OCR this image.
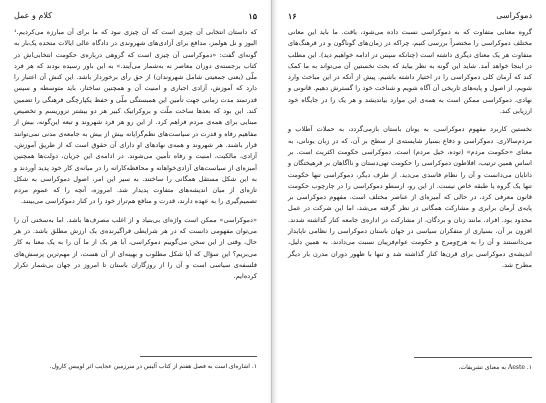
کلام و عمل	۱۵

که داستان انتخابی آن چیزی است که آن چیزی نبود که ما برای آن مبارزه می‌کردیم.¹ البوز و نل هولمز، مدافع برای آزادی‌های شهروندی در دادگاه عالی ایالات متحده یک‌بار به گونه‌ای گفت: «دموکراسی آن چیزی است که گروهی درباره‌ی حکومت انتخابی‌اش در کتاب برجسته‌ی دوران معاصر نه به‌شمار می‌آیند.» به این باور رسیده بودند که هر فرد ملّی (یعنی جمعیتی شامل شهروندان) از حق رأی برخوردار باشد. این کنش آن اعتبار را دارد که آموزش، آزادی اجباری و امنیت آن و همچنین ساختار، باید متوسطه و سپس قدرتمند مدت زمانی جهت تأمین این همبستگی ملّی و حفظ یکپارچگی فرهنگی را تضمین کند. این بود که بعدها ساخت ملّت و بروکراتیک کبیر هر دو بیشتر تروریسم و تخصیص مبنایی برای همه‌ی مردم فراهم کرد. از این رو هر فرد شهروند و تبعه این‌گونه، بیش از مفاهیم رفاه و قدرت در سیاست‌های نظم‌گرایانه بیش از بیش به جامعه‌ی مدنی نمی‌توانند قرار باشند. هر شهروند و همه‌ی نهادهای او دارای آن حقوق است که از طریق آموزش، آزادی، مالکیت، امنیت و رفاه تأمین می‌شوند. در ادامه‌ی این جریان، دولت‌ها همچنین آمیزه‌ای از سیاست‌های آزادی‌خواهانه و محافظه‌کارانه را در میانه‌ی کار خود پدید آوردند و به این شکل مستقل همگانی را ساختند. به سیر این امر، اصول دموکراسی به شکل تازه‌ای از میان اندیشه‌های متفاوت پدیدار شد. امروزه، آنچه را که عموم مردم تصمیم‌گیری را به عهده دارند، قدرت و منافع هم‌تراز خود را در کنار دموکراسی می‌بینند.

«دموکراسی» ممکن است واژه‌ای بی‌بنیاد و از اغلب مصرف‌ها باشد. اما به‌سختی آن را می‌توان مفهومی دانست که در هر شرایطی فراگیرنده‌ی یک ارزش مطلق باشد. در هر حال، وقتی از این سخن می‌گوییم دموکراسی، آیا هر یک از ما آن را به یک معنا به کار می‌بریم؟ این سؤال که آیا شکل مطلوب و بهینه‌ای از آن هست، از مهم‌ترین پرسش‌های فلسفه‌ی سیاسی است و آن را از روزگاران باستان تا امروز در جهان بی‌شمار تکرار کرده‌ایم.

۱. اشاره‌ای است به فصل هفتم از کتاب آلیس در سرزمین عجایب اثر لوییس کارول.
دموکراسی
۱۶

گروه معنایی متفاوت که به دموکراسی نسبت داده می‌شود، یافت. ما باید این معانی مختلف دموکراسی را مختصراً بررسی کنیم، چراکه در زمان‌های گوناگون و در فرهنگ‌های متفاوت هر یک معنای دیگری داشته است (چنانکه سپس در ادامه خواهیم دید). این مطلب در اینجا خواهد آمد. شاید این گونه به نظر بیاید که بحث نخستین آن می‌تواند به ما کمک کند که آرمان کلی دموکراسی را در اختیار داشته باشیم. پیش از آنکه در این مباحث وارد شویم، از اصول و پایه‌های تاریخی آن آگاه شویم و شناخت خود را گسترش دهیم. قانونی و نهادی، دموکراسی ممکن است به همه‌ی این موارد بیاندیشد و هر یک را در جایگاه خود ارزیابی کند.

نخستین کاربرد مفهوم دموکراسی، به یونان باستان بازمی‌گردد، به حملات آطلاب و مردم‌سالاری. دموکراسی و دفاع بسیار شایسته‌ی از سطح بر آن، که در زبان یونانی، به معنای «حکومت مردم» (توده، خیل مردم) است. دموکراسی حکومت اکثریت است. بر اساس همین ترتیب، افلاطون دموکراسی را حکومت تهی‌دستان و ناآگاهان بر فرهیختگان و دانایان می‌دانست و آن را نظام فاسدی می‌دید. از طرف دیگر، دموکراسی تنها حکومت تنها یک گروه یا طبقه خاص نیست. از این رو، ارسطو دموکراسی را در چارچوب حکومت قانون معرفی کرد، در حالی که آمیزه‌ای از عناصر مختلف است. مفهوم دموکراسی بر پایه‌ی آرمان برابری و مشارکت همگانی در نظر گرفته می‌شد، اما این شرکت در عمل محدود بود. افراد، مانند زنان و بردگان، از مشارکت در اداره‌ی جامعه کنار گذاشته شدند. افزون بر آن، بسیاری از متفکران سیاسی در جهان باستان دموکراسی را نظامی ناپایدار می‌دانستند و آن را به هرج‌ومرج و حکومت عوام‌فریبان نسبت می‌دادند. به همین دلیل، اندیشه‌ی دموکراسی برای قرن‌ها کنار گذاشته شد و تنها با ظهور دوران مدرن بار دیگر مطرح شد.

۱. Aeste به معنای تشریفات.
